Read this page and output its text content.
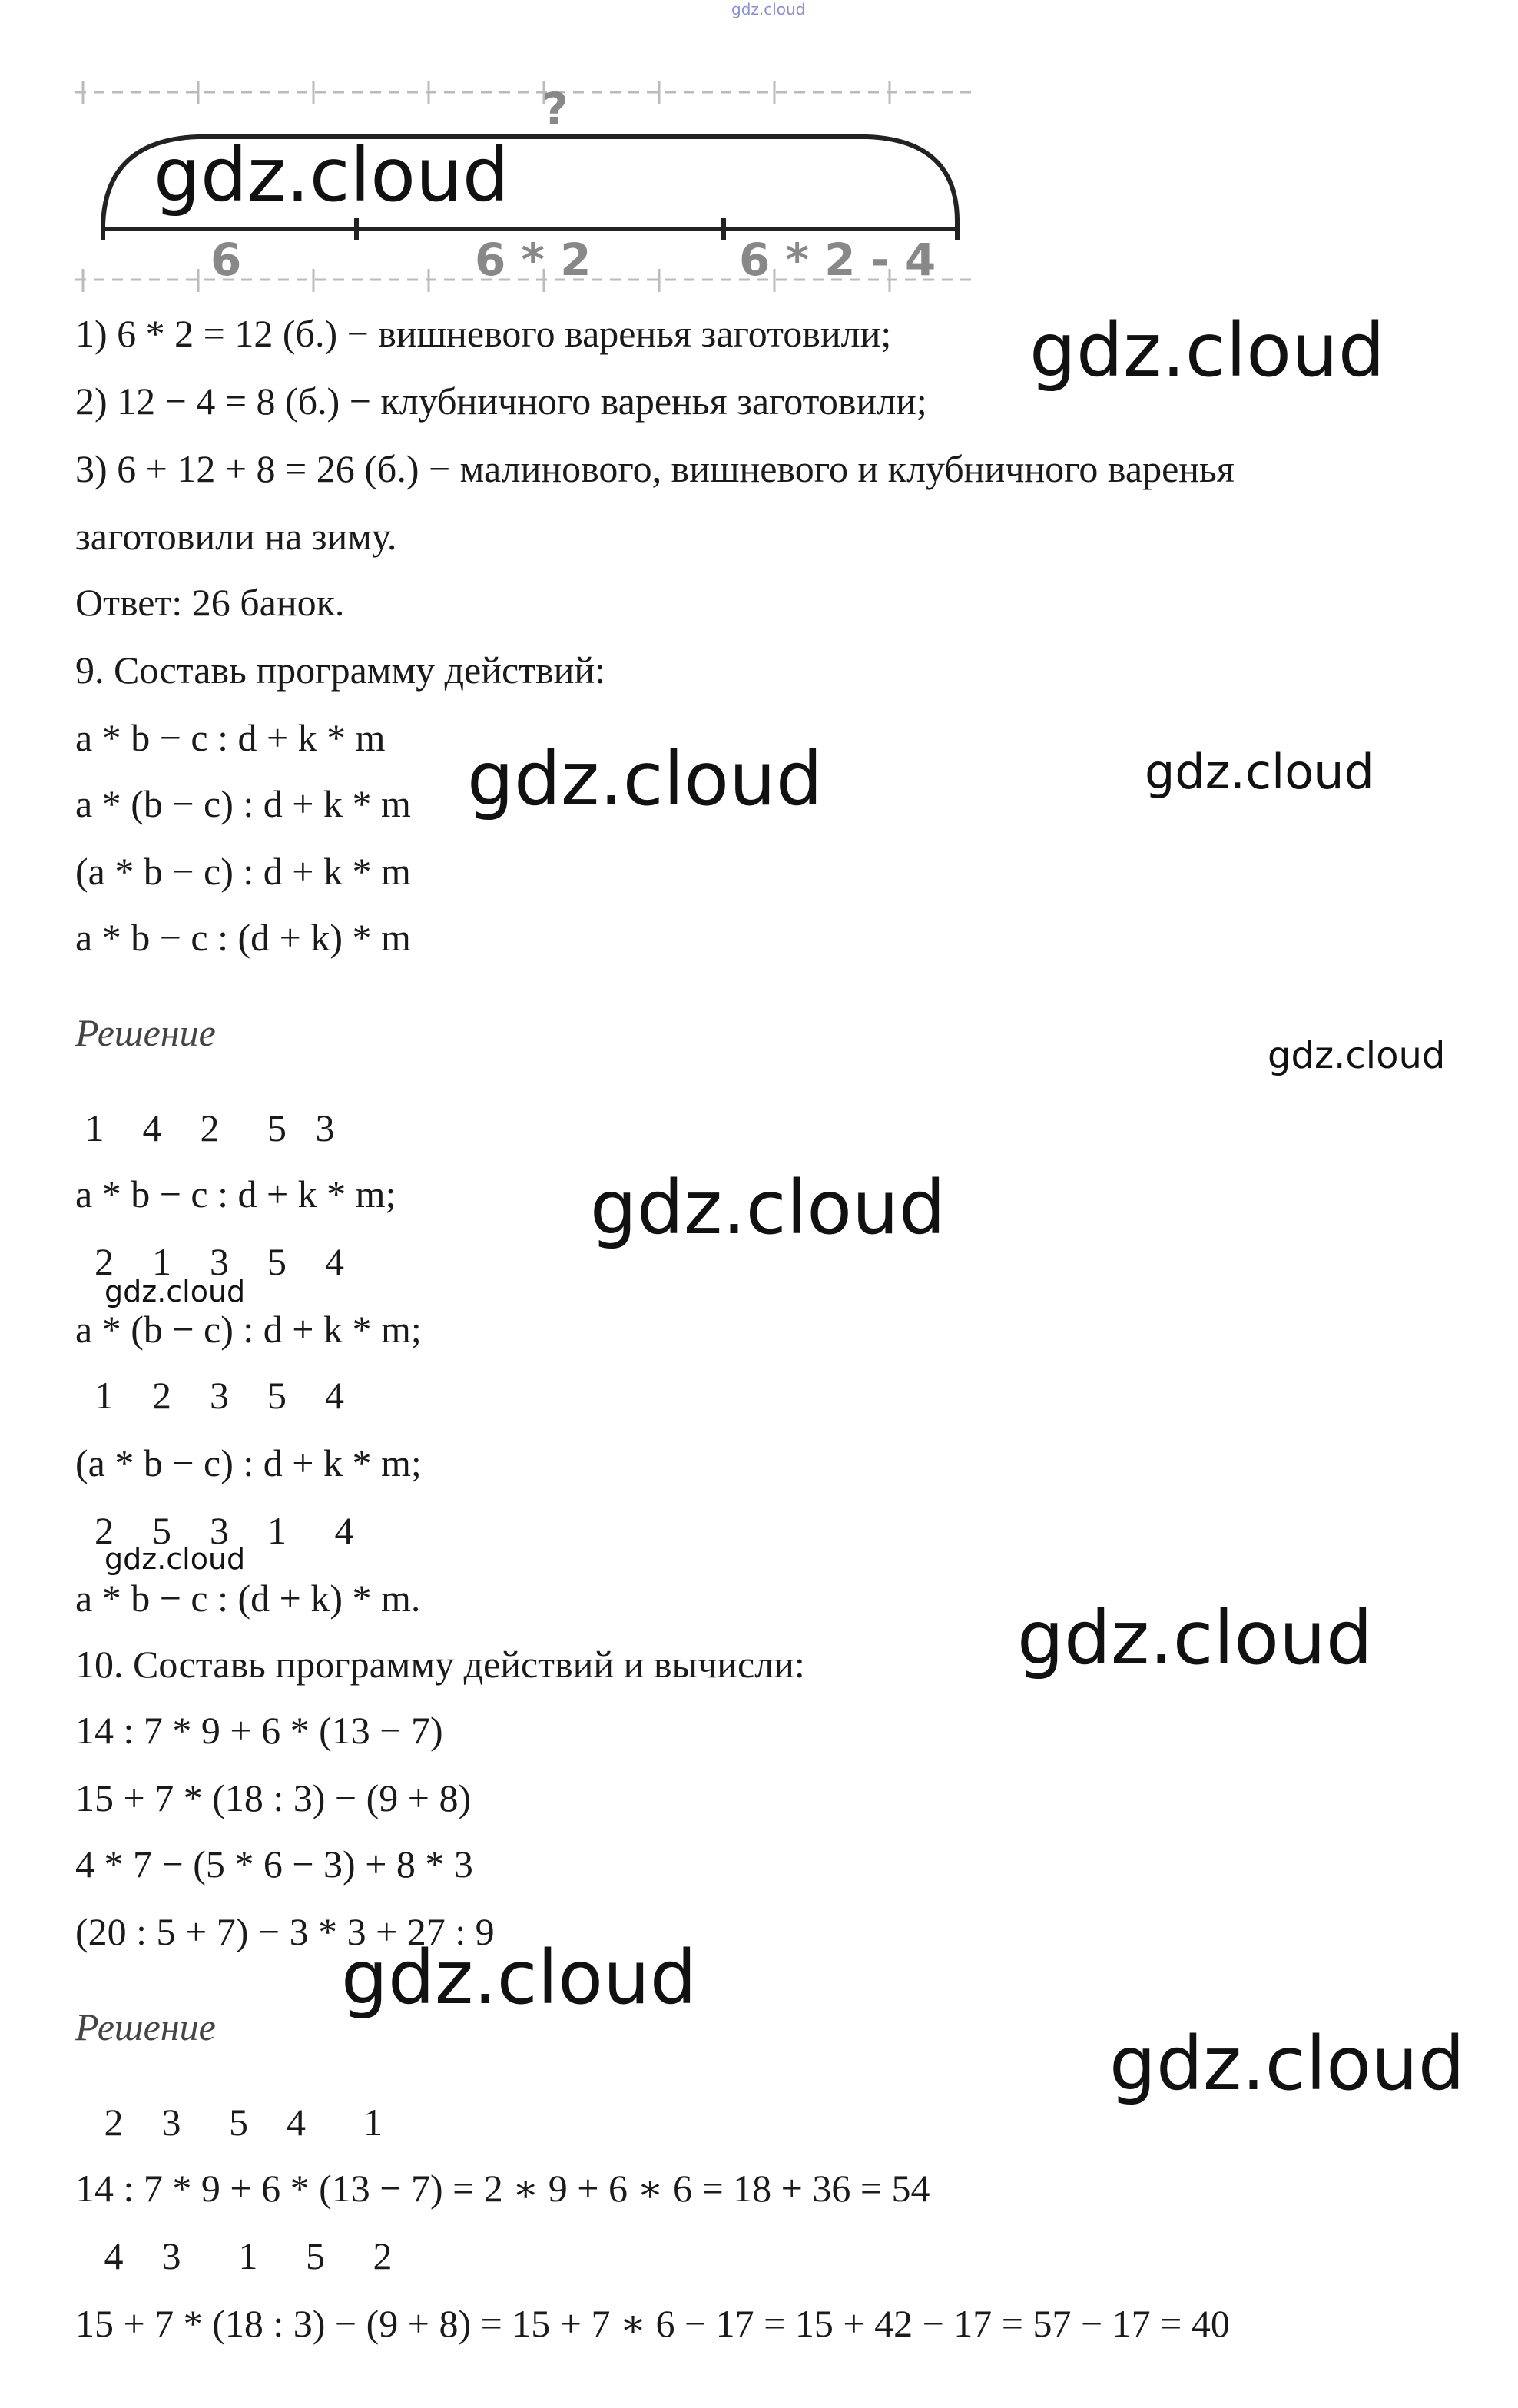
gdz.cloud
?
6	6 * 2	6 * 2 - 4
gdz.cloud
1) 6 * 2 = 12 (б.) − вишневого варенья заготовили;
2) 12 − 4 = 8 (б.) − клубничного варенья заготовили;
3) 6 + 12 + 8 = 26 (б.) − малинового, вишневого и клубничного варенья
заготовили на зиму.
Ответ: 26 банок.
9. Составь программу действий:
a * b − c : d + k * m
a * (b − c) : d + k * m
(a * b − c) : d + k * m
a * b − c : (d + k) * m
Решение
1    4    2     5   3
a * b − c : d + k * m;
2    1    3    5    4
a * (b − c) : d + k * m;
1    2    3    5    4
(a * b − c) : d + k * m;
2    5    3    1     4
a * b − c : (d + k) * m.
10. Составь программу действий и вычисли:
14 : 7 * 9 + 6 * (13 − 7)
15 + 7 * (18 : 3) − (9 + 8)
4 * 7 − (5 * 6 − 3) + 8 * 3
(20 : 5 + 7) − 3 * 3 + 27 : 9
Решение
2    3     5    4      1
14 : 7 * 9 + 6 * (13 − 7) = 2 ∗ 9 + 6 ∗ 6 = 18 + 36 = 54
4    3      1     5     2
15 + 7 * (18 : 3) − (9 + 8) = 15 + 7 ∗ 6 − 17 = 15 + 42 − 17 = 57 − 17 = 40
gdz.cloud
gdz.cloud	gdz.cloud
gdz.cloud
gdz.cloud
gdz.cloud
gdz.cloud
gdz.cloud
gdz.cloud
gdz.cloud
